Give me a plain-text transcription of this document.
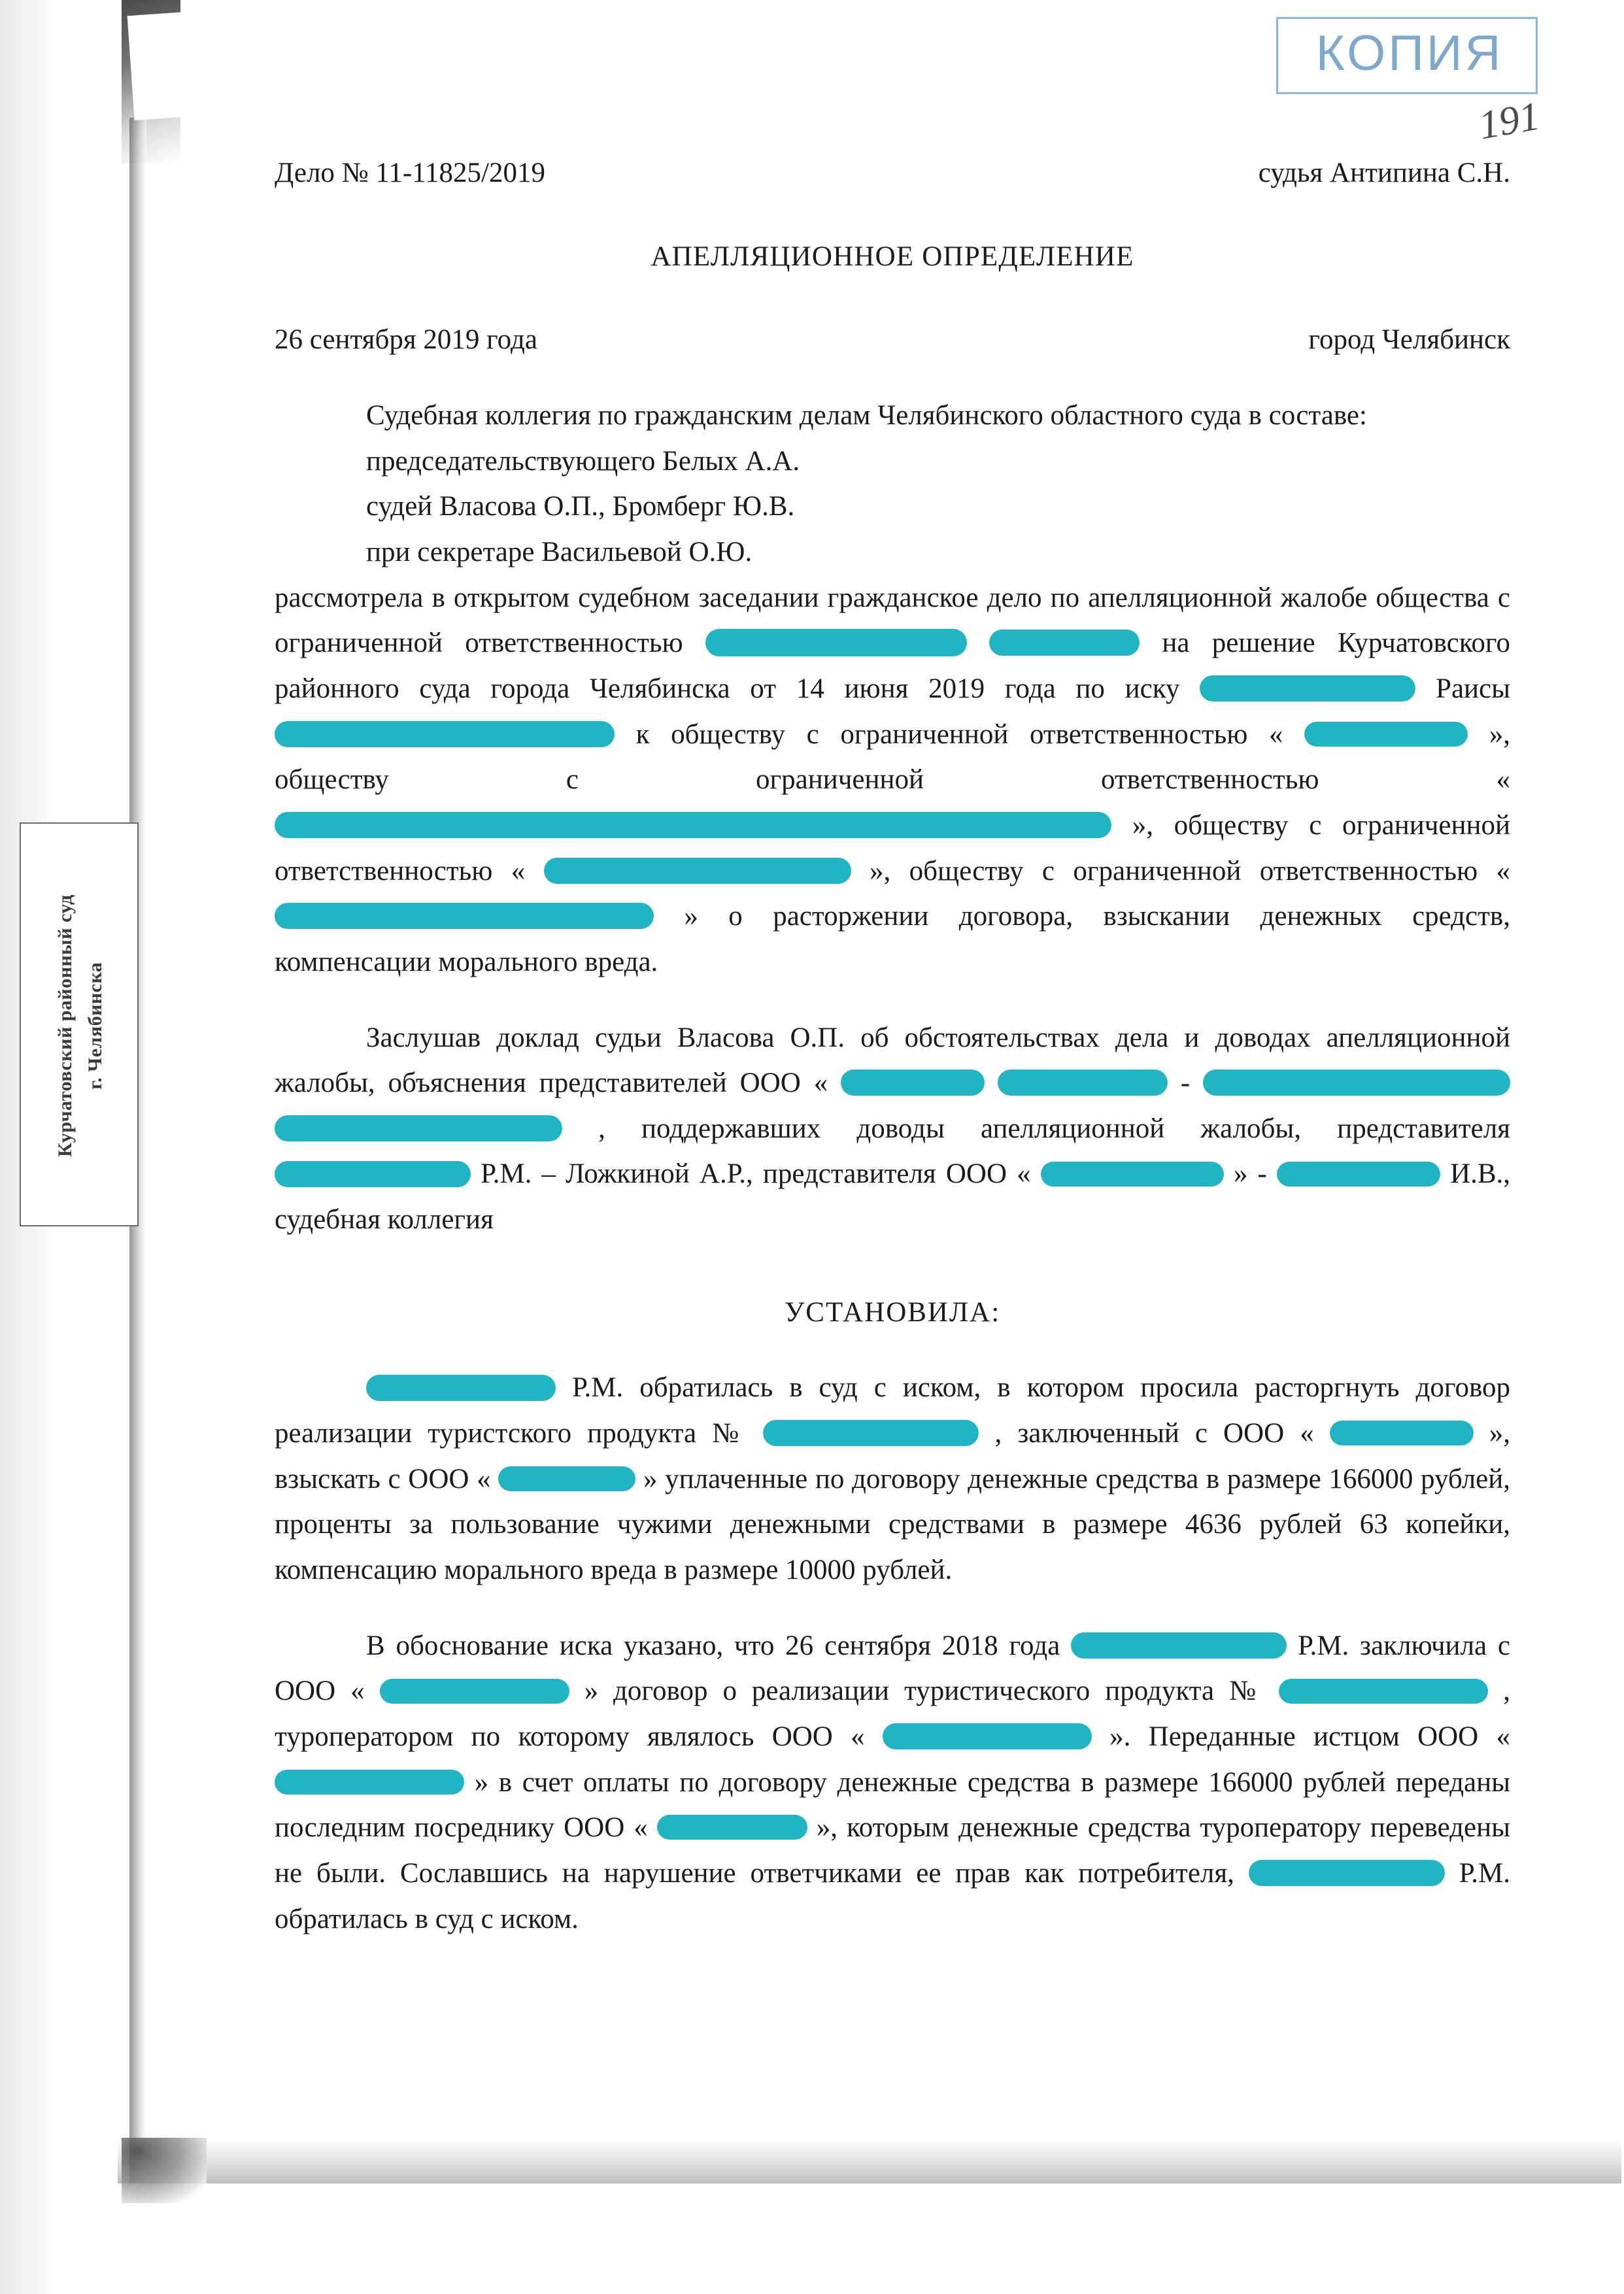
КОПИЯ
191
Курчатовский районный суд г. Челябинска
Дело № 11-11825/2019	судья Антипина С.Н.
АПЕЛЛЯЦИОННОЕ ОПРЕДЕЛЕНИЕ
26 сентября 2019 года	город Челябинск
Судебная коллегия по гражданским делам Челябинского областного суда в составе:
председательствующего Белых А.А.
судей Власова О.П., Бромберг Ю.В.
при секретаре Васильевой О.Ю.
рассмотрела в открытом судебном заседании гражданское дело по апелляционной жалобе общества с ограниченной ответственностью	на решение Курчатовского районного суда города Челябинска от 14 июня 2019 года по иску	Раисы  к обществу с ограниченной ответственностью «	», обществу с ограниченной ответственностью «  », обществу с ограниченной ответственностью «	», обществу с ограниченной ответственностью «  » о расторжении договора, взыскании денежных средств, компенсации морального вреда.
Заслушав доклад судьи Власова О.П. об обстоятельствах дела и доводах апелляционной жалобы, объяснения представителей ООО «	-   , поддержавших доводы апелляционной жалобы, представителя  Р.М. – Ложкиной А.Р., представителя ООО «	» -	И.В., судебная коллегия
УСТАНОВИЛА:
Р.М. обратилась в суд с иском, в котором просила расторгнуть договор реализации туристского продукта №	, заключенный с ООО «	», взыскать с ООО «	» уплаченные по договору денежные средства в размере 166000 рублей, проценты за пользование чужими денежными средствами в размере 4636 рублей 63 копейки, компенсацию морального вреда в размере 10000 рублей.
В обоснование иска указано, что 26 сентября 2018 года	Р.М. заключила с ООО «	» договор о реализации туристического продукта №	, туроператором по которому являлось ООО «	». Переданные истцом ООО «  » в счет оплаты по договору денежные средства в размере 166000 рублей переданы последним посреднику ООО «	», которым денежные средства туроператору переведены не были. Сославшись на нарушение ответчиками ее прав как потребителя,	Р.М. обратилась в суд с иском.
